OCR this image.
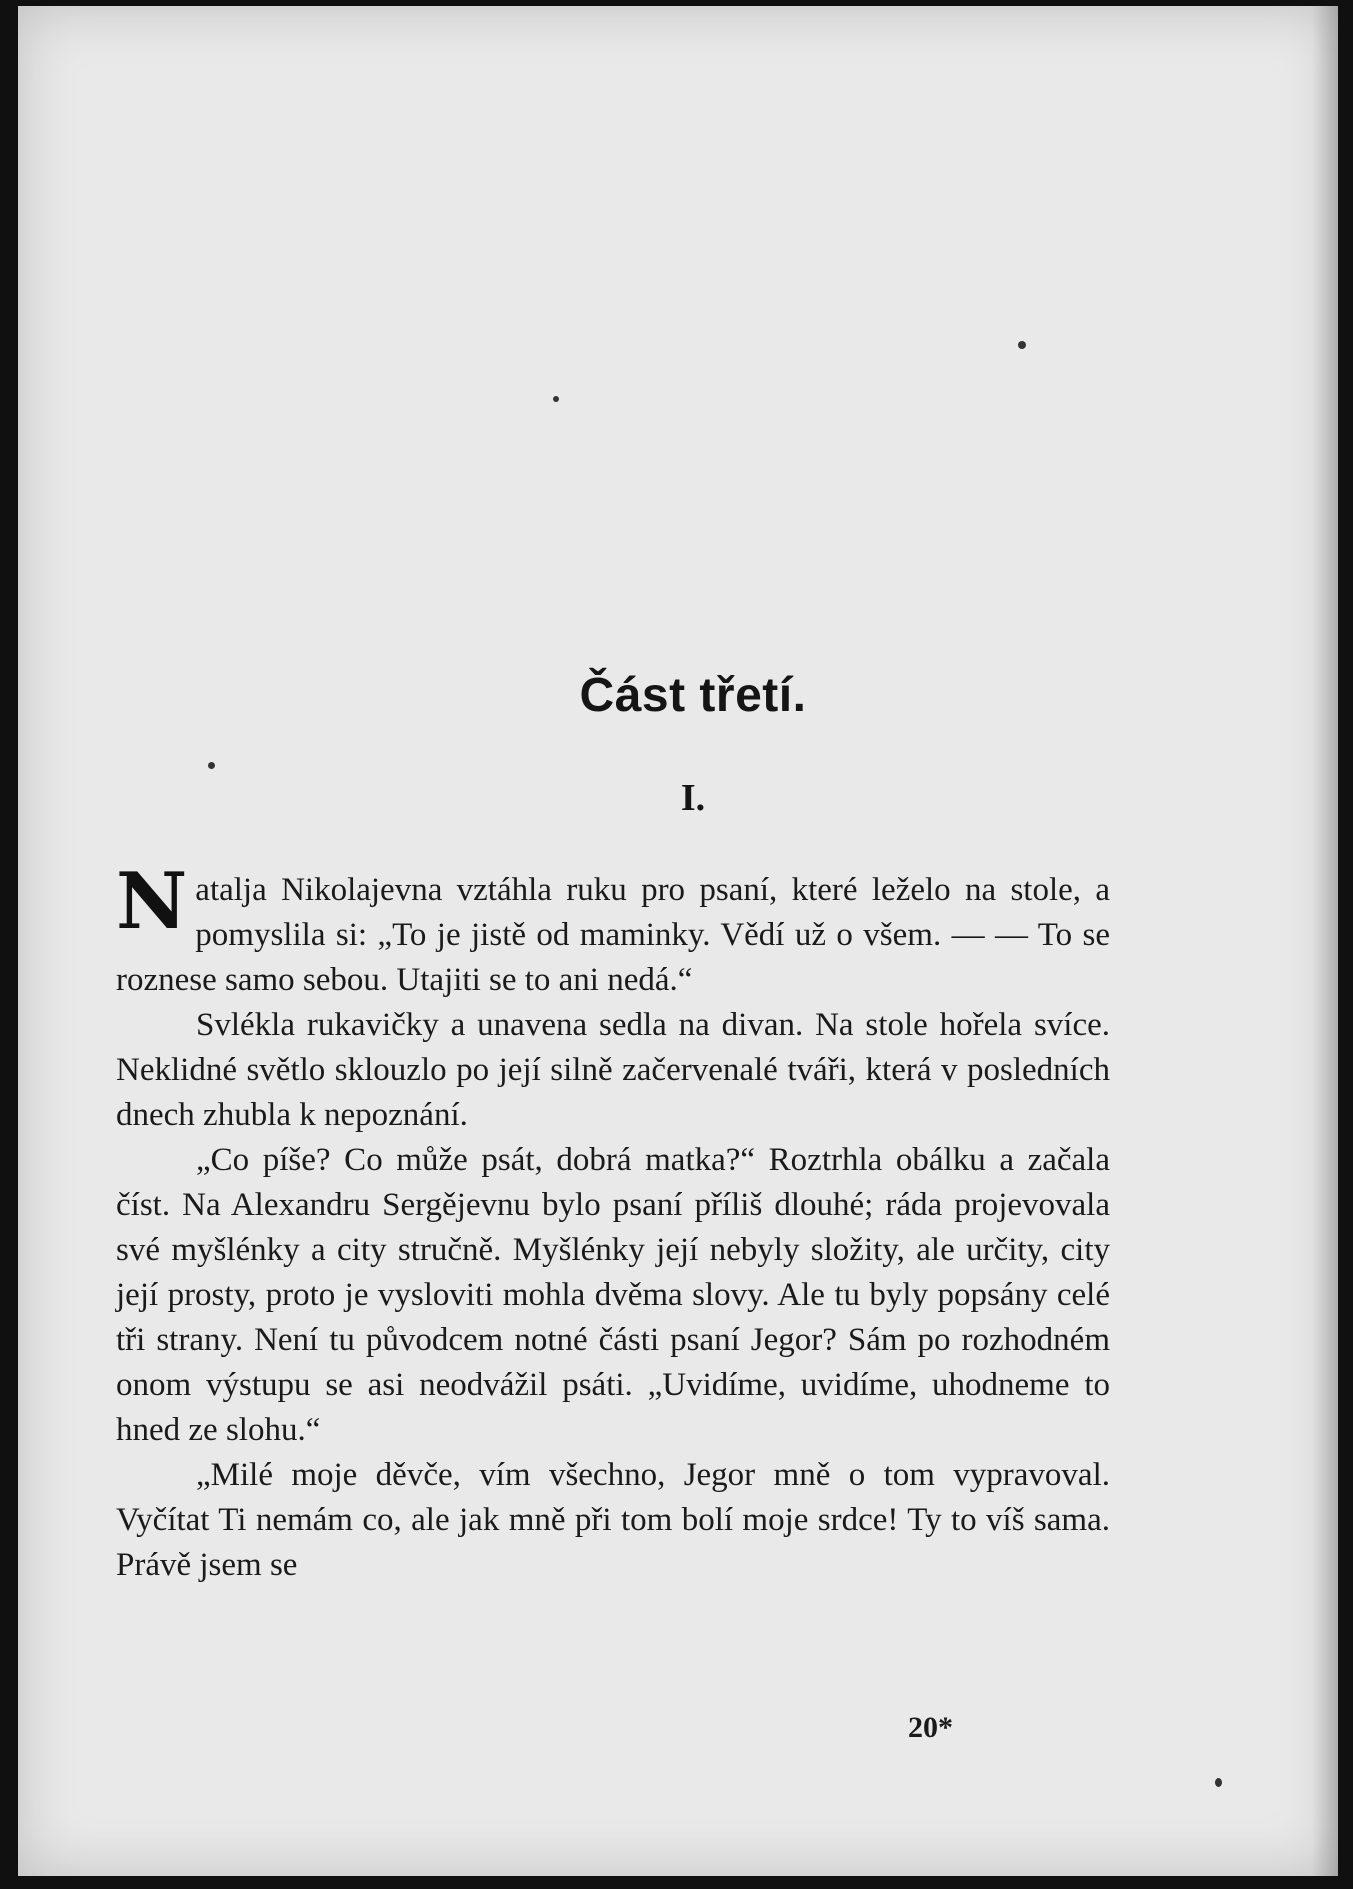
Část třetí.
I.

Natalja Nikolajevna vztáhla ruku pro psaní, které leželo na stole, a pomyslila si: „To je jistě od maminky. Vědí už o všem. — — To se roznese samo sebou. Utajiti se to ani nedá.“

Svlékla rukavičky a unavena sedla na divan. Na stole hořela svíce. Neklidné světlo sklouzlo po její silně začervenalé tváři, která v posledních dnech zhubla k nepoznání.

„Co píše? Co může psát, dobrá matka?“ Roztrhla obálku a začala číst. Na Alexandru Sergějevnu bylo psaní příliš dlouhé; ráda projevovala své myšlénky a city stručně. Myšlénky její nebyly složity, ale určity, city její prosty, proto je vysloviti mohla dvěma slovy. Ale tu byly popsány celé tři strany. Není tu původcem notné části psaní Jegor? Sám po rozhodném onom výstupu se asi neodvážil psáti. „Uvidíme, uvidíme, uhodneme to hned ze slohu.“

„Milé moje děvče, vím všechno, Jegor mně o tom vypravoval. Vyčítat Ti nemám co, ale jak mně při tom bolí moje srdce! Ty to víš sama. Právě jsem se

20*
